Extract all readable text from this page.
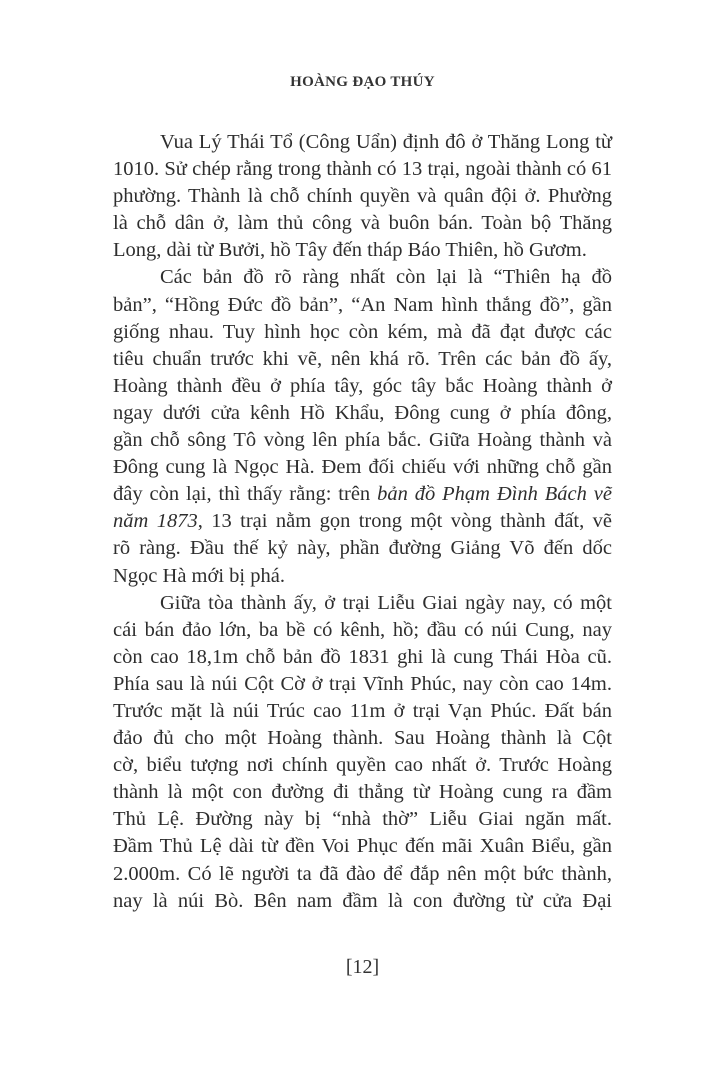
HOÀNG ĐẠO THÚY
Vua Lý Thái Tổ (Công Uẩn) định đô ở Thăng Long từ
1010. Sử chép rằng trong thành có 13 trại, ngoài thành có 61
phường. Thành là chỗ chính quyền và quân đội ở. Phường
là chỗ dân ở, làm thủ công và buôn bán. Toàn bộ Thăng
Long, dài từ Bưởi, hồ Tây đến tháp Báo Thiên, hồ Gươm.
Các bản đồ rõ ràng nhất còn lại là “Thiên hạ đồ
bản”, “Hồng Đức đồ bản”, “An Nam hình thắng đồ”, gần
giống nhau. Tuy hình học còn kém, mà đã đạt được các
tiêu chuẩn trước khi vẽ, nên khá rõ. Trên các bản đồ ấy,
Hoàng thành đều ở phía tây, góc tây bắc Hoàng thành ở
ngay dưới cửa kênh Hồ Khẩu, Đông cung ở phía đông,
gần chỗ sông Tô vòng lên phía bắc. Giữa Hoàng thành và
Đông cung là Ngọc Hà. Đem đối chiếu với những chỗ gần
đây còn lại, thì thấy rằng: trên bản đồ Phạm Đình Bách vẽ
năm 1873, 13 trại nằm gọn trong một vòng thành đất, vẽ
rõ ràng. Đầu thế kỷ này, phần đường Giảng Võ đến dốc
Ngọc Hà mới bị phá.
Giữa tòa thành ấy, ở trại Liễu Giai ngày nay, có một
cái bán đảo lớn, ba bề có kênh, hồ; đầu có núi Cung, nay
còn cao 18,1m chỗ bản đồ 1831 ghi là cung Thái Hòa cũ.
Phía sau là núi Cột Cờ ở trại Vĩnh Phúc, nay còn cao 14m.
Trước mặt là núi Trúc cao 11m ở trại Vạn Phúc. Đất bán
đảo đủ cho một Hoàng thành. Sau Hoàng thành là Cột
cờ, biểu tượng nơi chính quyền cao nhất ở. Trước Hoàng
thành là một con đường đi thẳng từ Hoàng cung ra đầm
Thủ Lệ. Đường này bị “nhà thờ” Liễu Giai ngăn mất.
Đầm Thủ Lệ dài từ đền Voi Phục đến mãi Xuân Biểu, gần
2.000m. Có lẽ người ta đã đào để đắp nên một bức thành,
nay là núi Bò. Bên nam đầm là con đường từ cửa Đại
[12]
